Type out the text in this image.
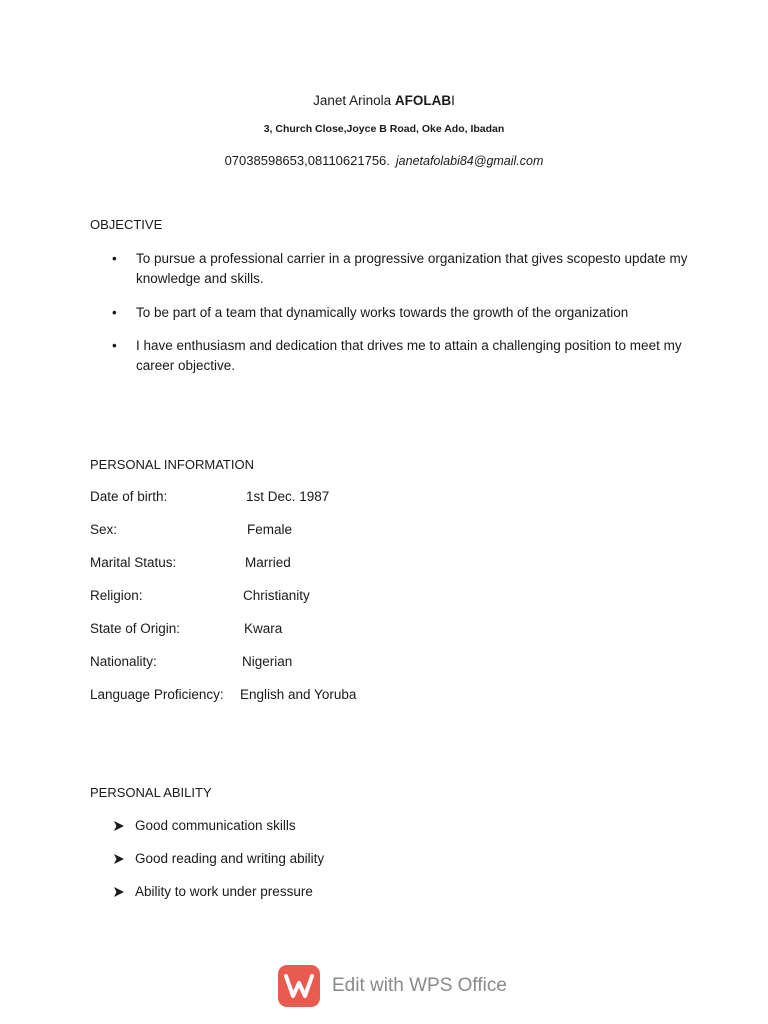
Janet Arinola AFOLABI
3, Church Close,Joyce B Road, Oke Ado, Ibadan
07038598653,08110621756. janetafolabi84@gmail.com
OBJECTIVE
•	To pursue a professional carrier in a progressive organization that gives scopesto update my knowledge and skills.
•	To be part of a team that dynamically works towards the growth of the organization
•	I have enthusiasm and dedication that drives me to attain a challenging position to meet my career objective.
PERSONAL INFORMATION
Date of birth:	1st Dec. 1987
Sex:	Female
Marital Status:	Married
Religion:	Christianity
State of Origin:	Kwara
Nationality:	Nigerian
Language Proficiency: English and Yoruba
PERSONAL ABILITY
Good communication skills
Good reading and writing ability
Ability to work under pressure
Edit with WPS Office
